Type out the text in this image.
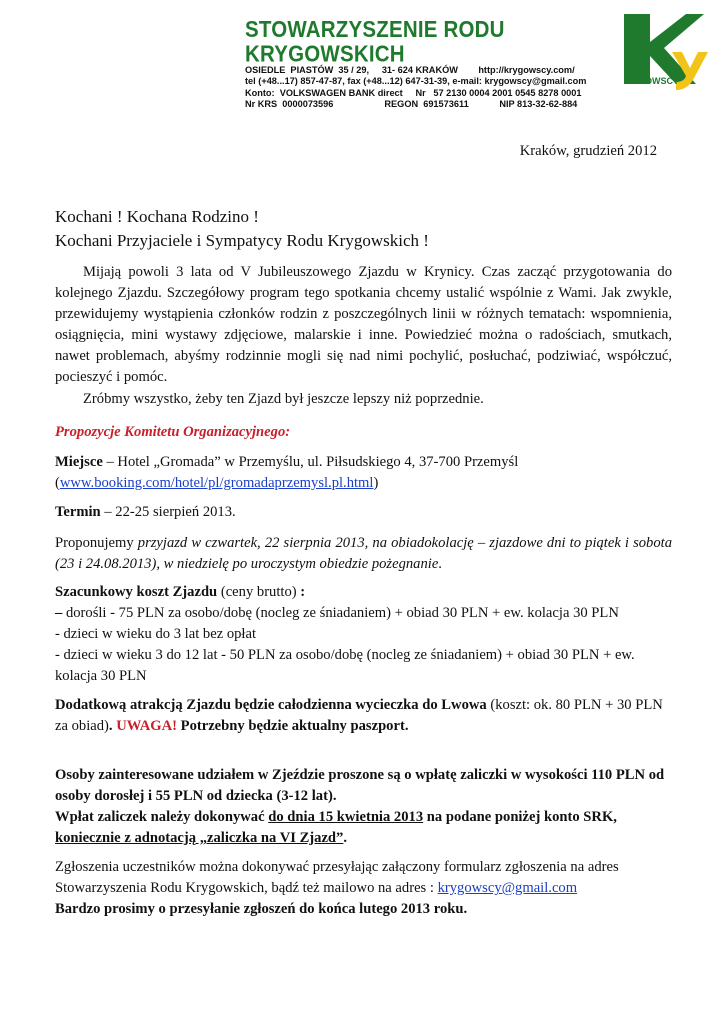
STOWARZYSZENIE RODU KRYGOWSKICH
OSIEDLE  PIASTÓW  35 / 29,     31- 624 KRAKÓW        http://krygowscy.com/
tel (+48...17) 857-47-87, fax (+48...12) 647-31-39, e-mail: krygowscy@gmail.com
Konto:  VOLKSWAGEN BANK direct     Nr   57 2130 0004 2001 0545 8278 0001
Nr KRS  0000073596                    REGON  691573611            NIP 813-32-62-884
GOWSCY
Kraków, grudzień 2012
Kochani ! Kochana Rodzino !
Kochani Przyjaciele i Sympatycy Rodu Krygowskich !
Mijają powoli 3 lata od V Jubileuszowego Zjazdu w Krynicy. Czas zacząć przygotowania do kolejnego Zjazdu. Szczegółowy program tego spotkania chcemy ustalić wspólnie z Wami. Jak zwykle, przewidujemy wystąpienia członków rodzin z poszczególnych linii w różnych tematach: wspomnienia, osiągnięcia, mini wystawy zdjęciowe, malarskie i inne. Powiedzieć można o radościach, smutkach, nawet problemach, abyśmy rodzinnie mogli się nad nimi pochylić, posłuchać, podziwiać, współczuć, pocieszyć i pomóc.
Zróbmy wszystko, żeby ten Zjazd był jeszcze lepszy niż poprzednie.
Propozycje Komitetu Organizacyjnego:
Miejsce – Hotel „Gromada” w Przemyślu, ul. Piłsudskiego 4, 37-700 Przemyśl
(www.booking.com/hotel/pl/gromadaprzemysl.pl.html)
Termin – 22-25 sierpień 2013.
Proponujemy przyjazd w czwartek, 22 sierpnia 2013, na obiadokolację – zjazdowe dni to piątek i sobota (23 i 24.08.2013), w niedzielę po uroczystym obiedzie pożegnanie.
Szacunkowy koszt Zjazdu (ceny brutto) :
– dorośli - 75 PLN za osobo/dobę (nocleg ze śniadaniem) + obiad 30 PLN + ew. kolacja 30 PLN
- dzieci w wieku do 3 lat bez opłat
- dzieci w wieku 3 do 12 lat - 50 PLN za osobo/dobę (nocleg ze śniadaniem) + obiad 30 PLN + ew. kolacja 30 PLN
Dodatkową atrakcją Zjazdu będzie całodzienna wycieczka do Lwowa (koszt: ok. 80 PLN + 30 PLN za obiad). UWAGA! Potrzebny będzie aktualny paszport.
Osoby zainteresowane udziałem w Zjeździe proszone są o wpłatę zaliczki w wysokości 110 PLN od osoby dorosłej i 55 PLN od dziecka (3-12 lat).
Wpłat zaliczek należy dokonywać do dnia 15 kwietnia 2013 na podane poniżej konto SRK,
koniecznie z adnotacją „zaliczka na VI Zjazd”.
Zgłoszenia uczestników można dokonywać przesyłając załączony formularz zgłoszenia na adres Stowarzyszenia Rodu Krygowskich, bądź też mailowo na adres : krygowscy@gmail.com
Bardzo prosimy o przesyłanie zgłoszeń do końca lutego 2013 roku.
